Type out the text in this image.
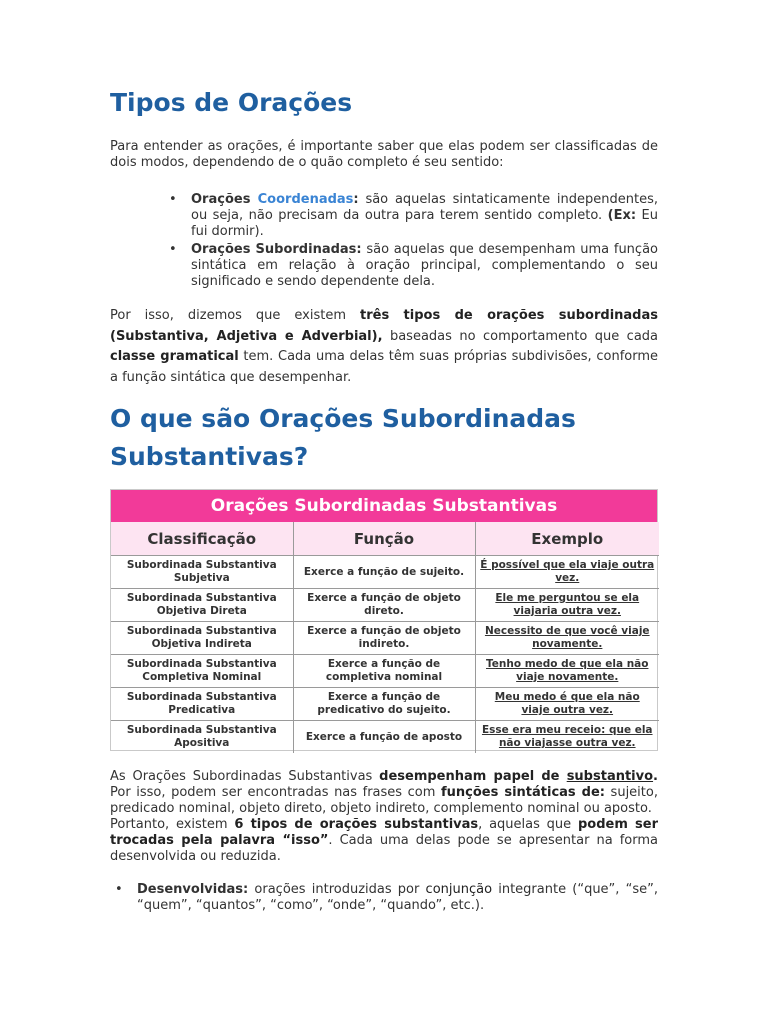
Tipos de Orações

Para entender as orações, é importante saber que elas podem ser classificadas de dois modos, dependendo de o quão completo é seu sentido:

• Orações Coordenadas: são aquelas sintaticamente independentes, ou seja, não precisam da outra para terem sentido completo. (Ex: Eu fui dormir).
• Orações Subordinadas: são aquelas que desempenham uma função sintática em relação à oração principal, complementando o seu significado e sendo dependente dela.

Por isso, dizemos que existem três tipos de orações subordinadas (Substantiva, Adjetiva e Adverbial), baseadas no comportamento que cada classe gramatical tem. Cada uma delas têm suas próprias subdivisões, conforme a função sintática que desempenhar.

O que são Orações Subordinadas Substantivas?
Orações Subordinadas Substantivas
Classificação	Função	Exemplo
Subordinada Substantiva Subjetiva	Exerce a função de sujeito.	É possível que ela viaje outra vez.
Subordinada Substantiva Objetiva Direta	Exerce a função de objeto direto.	Ele me perguntou se ela viajaria outra vez.
Subordinada Substantiva Objetiva Indireta	Exerce a função de objeto indireto.	Necessito de que você viaje novamente.
Subordinada Substantiva Completiva Nominal	Exerce a função de completiva nominal	Tenho medo de que ela não viaje novamente.
Subordinada Substantiva Predicativa	Exerce a função de predicativo do sujeito.	Meu medo é que ela não viaje outra vez.
Subordinada Substantiva Apositiva	Exerce a função de aposto	Esse era meu receio: que ela não viajasse outra vez.

As Orações Subordinadas Substantivas desempenham papel de substantivo. Por isso, podem ser encontradas nas frases com funções sintáticas de: sujeito, predicado nominal, objeto direto, objeto indireto, complemento nominal ou aposto.

Portanto, existem 6 tipos de orações substantivas, aquelas que podem ser trocadas pela palavra “isso”. Cada uma delas pode se apresentar na forma desenvolvida ou reduzida.

• Desenvolvidas: orações introduzidas por conjunção integrante (“que”, “se”, “quem”, “quantos”, “como”, “onde”, “quando”, etc.).
